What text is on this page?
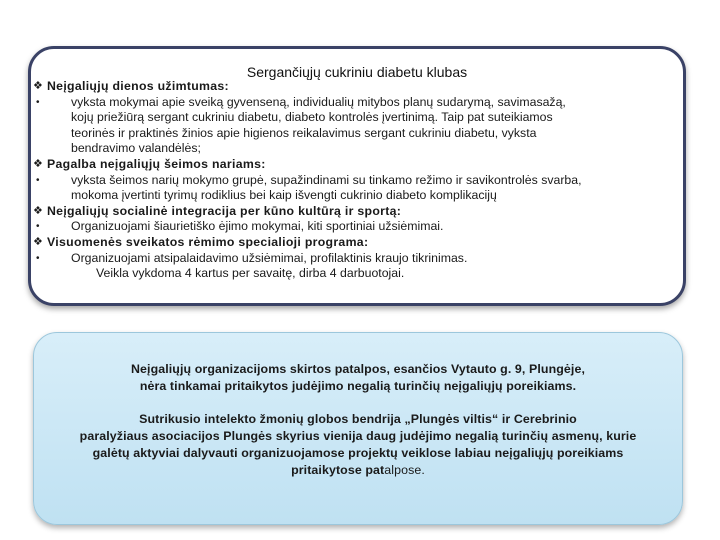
Sergančiųjų cukriniu diabetu klubas
❖ Neįgaliųjų dienos užimtumas:
•	vyksta mokymai apie sveiką gyvenseną, individualių mitybos planų sudarymą, savimasažą,
kojų priežiūrą sergant cukriniu diabetu, diabeto kontrolės įvertinimą. Taip pat suteikiamos
teorinės ir praktinės žinios apie higienos reikalavimus sergant cukriniu diabetu, vyksta
bendravimo valandėlės;
❖ Pagalba neįgaliųjų šeimos nariams:
•	vyksta šeimos narių mokymo grupė, supažindinami su tinkamo režimo ir savikontrolės svarba,
mokoma įvertinti tyrimų rodiklius bei kaip išvengti cukrinio diabeto komplikacijų
❖ Neįgaliųjų socialinė integracija per kūno kultūrą ir sportą:
•	Organizuojami šiaurietiško ėjimo mokymai, kiti sportiniai užsiėmimai.
❖ Visuomenės sveikatos rėmimo specialioji programa:
•	Organizuojami atsipalaidavimo užsiėmimai, profilaktinis kraujo tikrinimas.
Veikla vykdoma 4 kartus per savaitę, dirba 4 darbuotojai.
Neįgaliųjų organizacijoms skirtos patalpos, esančios Vytauto g. 9, Plungėje,
nėra tinkamai pritaikytos judėjimo negalią turinčių neįgaliųjų poreikiams.
Sutrikusio intelekto žmonių globos bendrija „Plungės viltis“ ir Cerebrinio
paralyžiaus asociacijos Plungės skyrius vienija daug judėjimo negalią turinčių asmenų, kurie
galėtų aktyviai dalyvauti organizuojamose projektų veiklose labiau neįgaliųjų poreikiams
pritaikytose patalpose.
